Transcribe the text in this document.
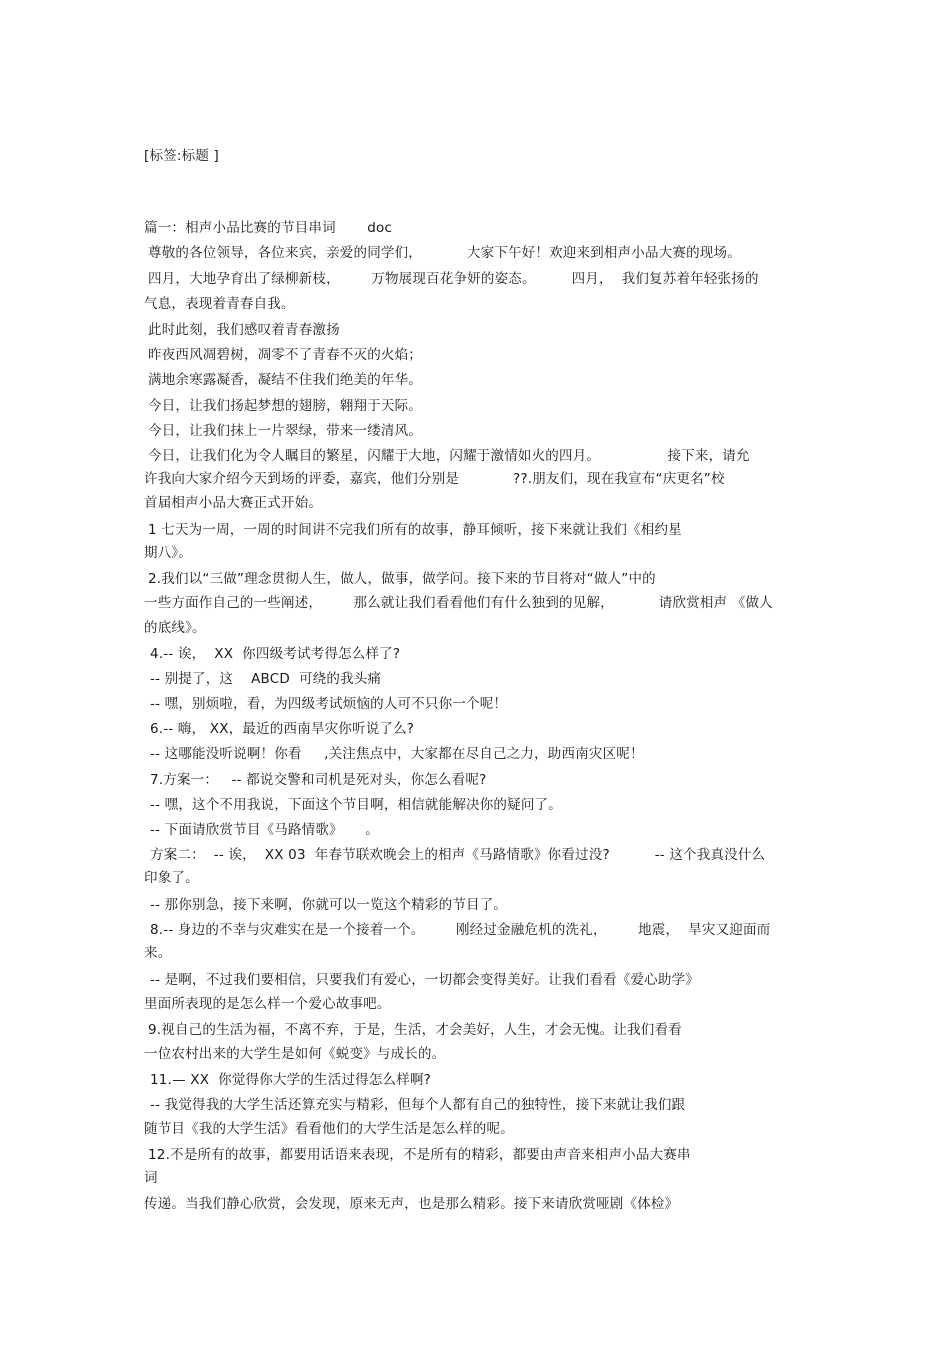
[标签:标题 ]
篇一：相声小品比赛的节目串词       doc
尊敬的各位领导，各位来宾，亲爱的同学们，          大家下午好！欢迎来到相声小品大赛的现场。
四月，大地孕育出了绿柳新枝，       万物展现百花争妍的姿态。        四月，  我们复苏着年轻张扬的
气息，表现着青春自我。
此时此刻，我们感叹着青春激扬
昨夜西风凋碧树，凋零不了青春不灭的火焰；
满地余寒露凝香，凝结不住我们绝美的年华。
今日，让我们扬起梦想的翅膀，翱翔于天际。
今日，让我们抹上一片翠绿，带来一缕清风。
今日，让我们化为令人瞩目的繁星，闪耀于大地，闪耀于激情如火的四月。               接下来，请允
许我向大家介绍今天到场的评委，嘉宾，他们分别是            ??.朋友们，现在我宣布“庆更名”校
首届相声小品大赛正式开始。
1 七天为一周，一周的时间讲不完我们所有的故事，静耳倾听，接下来就让我们《相约星
期八》。
2.我们以“三做”理念贯彻人生，做人，做事，做学问。接下来的节目将对“做人”中的
一些方面作自己的一些阐述，       那么就让我们看看他们有什么独到的见解，          请欣赏相声 《做人
的底线》。
4.-- 诶，  XX  你四级考试考得怎么样了?
-- 别提了，这    ABCD  可绕的我头痛
-- 嘿，别烦啦，看，为四级考试烦恼的人可不只你一个呢！
6.-- 嗨， XX，最近的西南旱灾你听说了么?
-- 这哪能没听说啊！你看     ,关注焦点中，大家都在尽自己之力，助西南灾区呢！
7.方案一：   -- 都说交警和司机是死对头，你怎么看呢?
-- 嘿，这个不用我说，下面这个节目啊，相信就能解决你的疑问了。
-- 下面请欣赏节目《马路情歌》     。
方案二：  -- 诶，  XX 03  年春节联欢晚会上的相声《马路情歌》你看过没?          -- 这个我真没什么
印象了。
-- 那你别急，接下来啊，你就可以一览这个精彩的节目了。
8.-- 身边的不幸与灾难实在是一个接着一个。       刚经过金融危机的洗礼，       地震，  旱灾又迎面而
来。
-- 是啊，不过我们要相信，只要我们有爱心，一切都会变得美好。让我们看看《爱心助学》
里面所表现的是怎么样一个爱心故事吧。
9.视自己的生活为福，不离不弃，于是，生活，才会美好，人生，才会无愧。让我们看看
一位农村出来的大学生是如何《蜕变》与成长的。
11.— XX  你觉得你大学的生活过得怎么样啊?
-- 我觉得我的大学生活还算充实与精彩，但每个人都有自己的独特性，接下来就让我们跟
随节目《我的大学生活》看看他们的大学生活是怎么样的呢。
12.不是所有的故事，都要用话语来表现，不是所有的精彩，都要由声音来相声小品大赛串
词
传递。当我们静心欣赏，会发现，原来无声，也是那么精彩。接下来请欣赏哑剧《体检》
